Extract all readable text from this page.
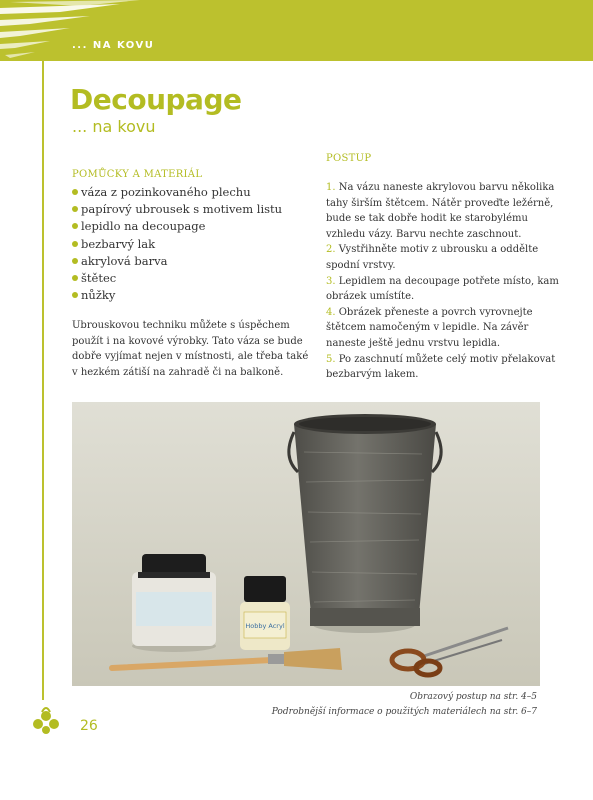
... NA KOVU
Decoupage
... na kovu
POMŮCKY A MATERIÁL
váza z pozinkovaného plechu
papírový ubrousek s motivem listu
lepidlo na decoupage
bezbarvý lak
akrylová barva
štětec
nůžky
Ubrouskovou techniku můžete s úspěchem
použít i na kovové výrobky. Tato váza se bude
dobře vyjímat nejen v místnosti, ale třeba také
v hezkém zátiší na zahradě či na balkoně.
POSTUP
1. Na vázu naneste akrylovou barvu několika
tahy širším štětcem. Nátěr proveďte ležérně,
bude se tak dobře hodit ke starobylému
vzhledu vázy. Barvu nechte zaschnout.
2. Vystřihněte motiv z ubrousku a oddělte
spodní vrstvy.
3. Lepidlem na decoupage potřete místo, kam
obrázek umístíte.
4. Obrázek přeneste a povrch vyrovnejte
štětcem namočeným v lepidle. Na závěr
naneste ještě jednu vrstvu lepidla.
5. Po zaschnutí můžete celý motiv přelakovat
bezbarvým lakem.
Hobby Acryl
Obrazový postup na str. 4–5
Podrobnější informace o použitých materiálech na str. 6–7
26
